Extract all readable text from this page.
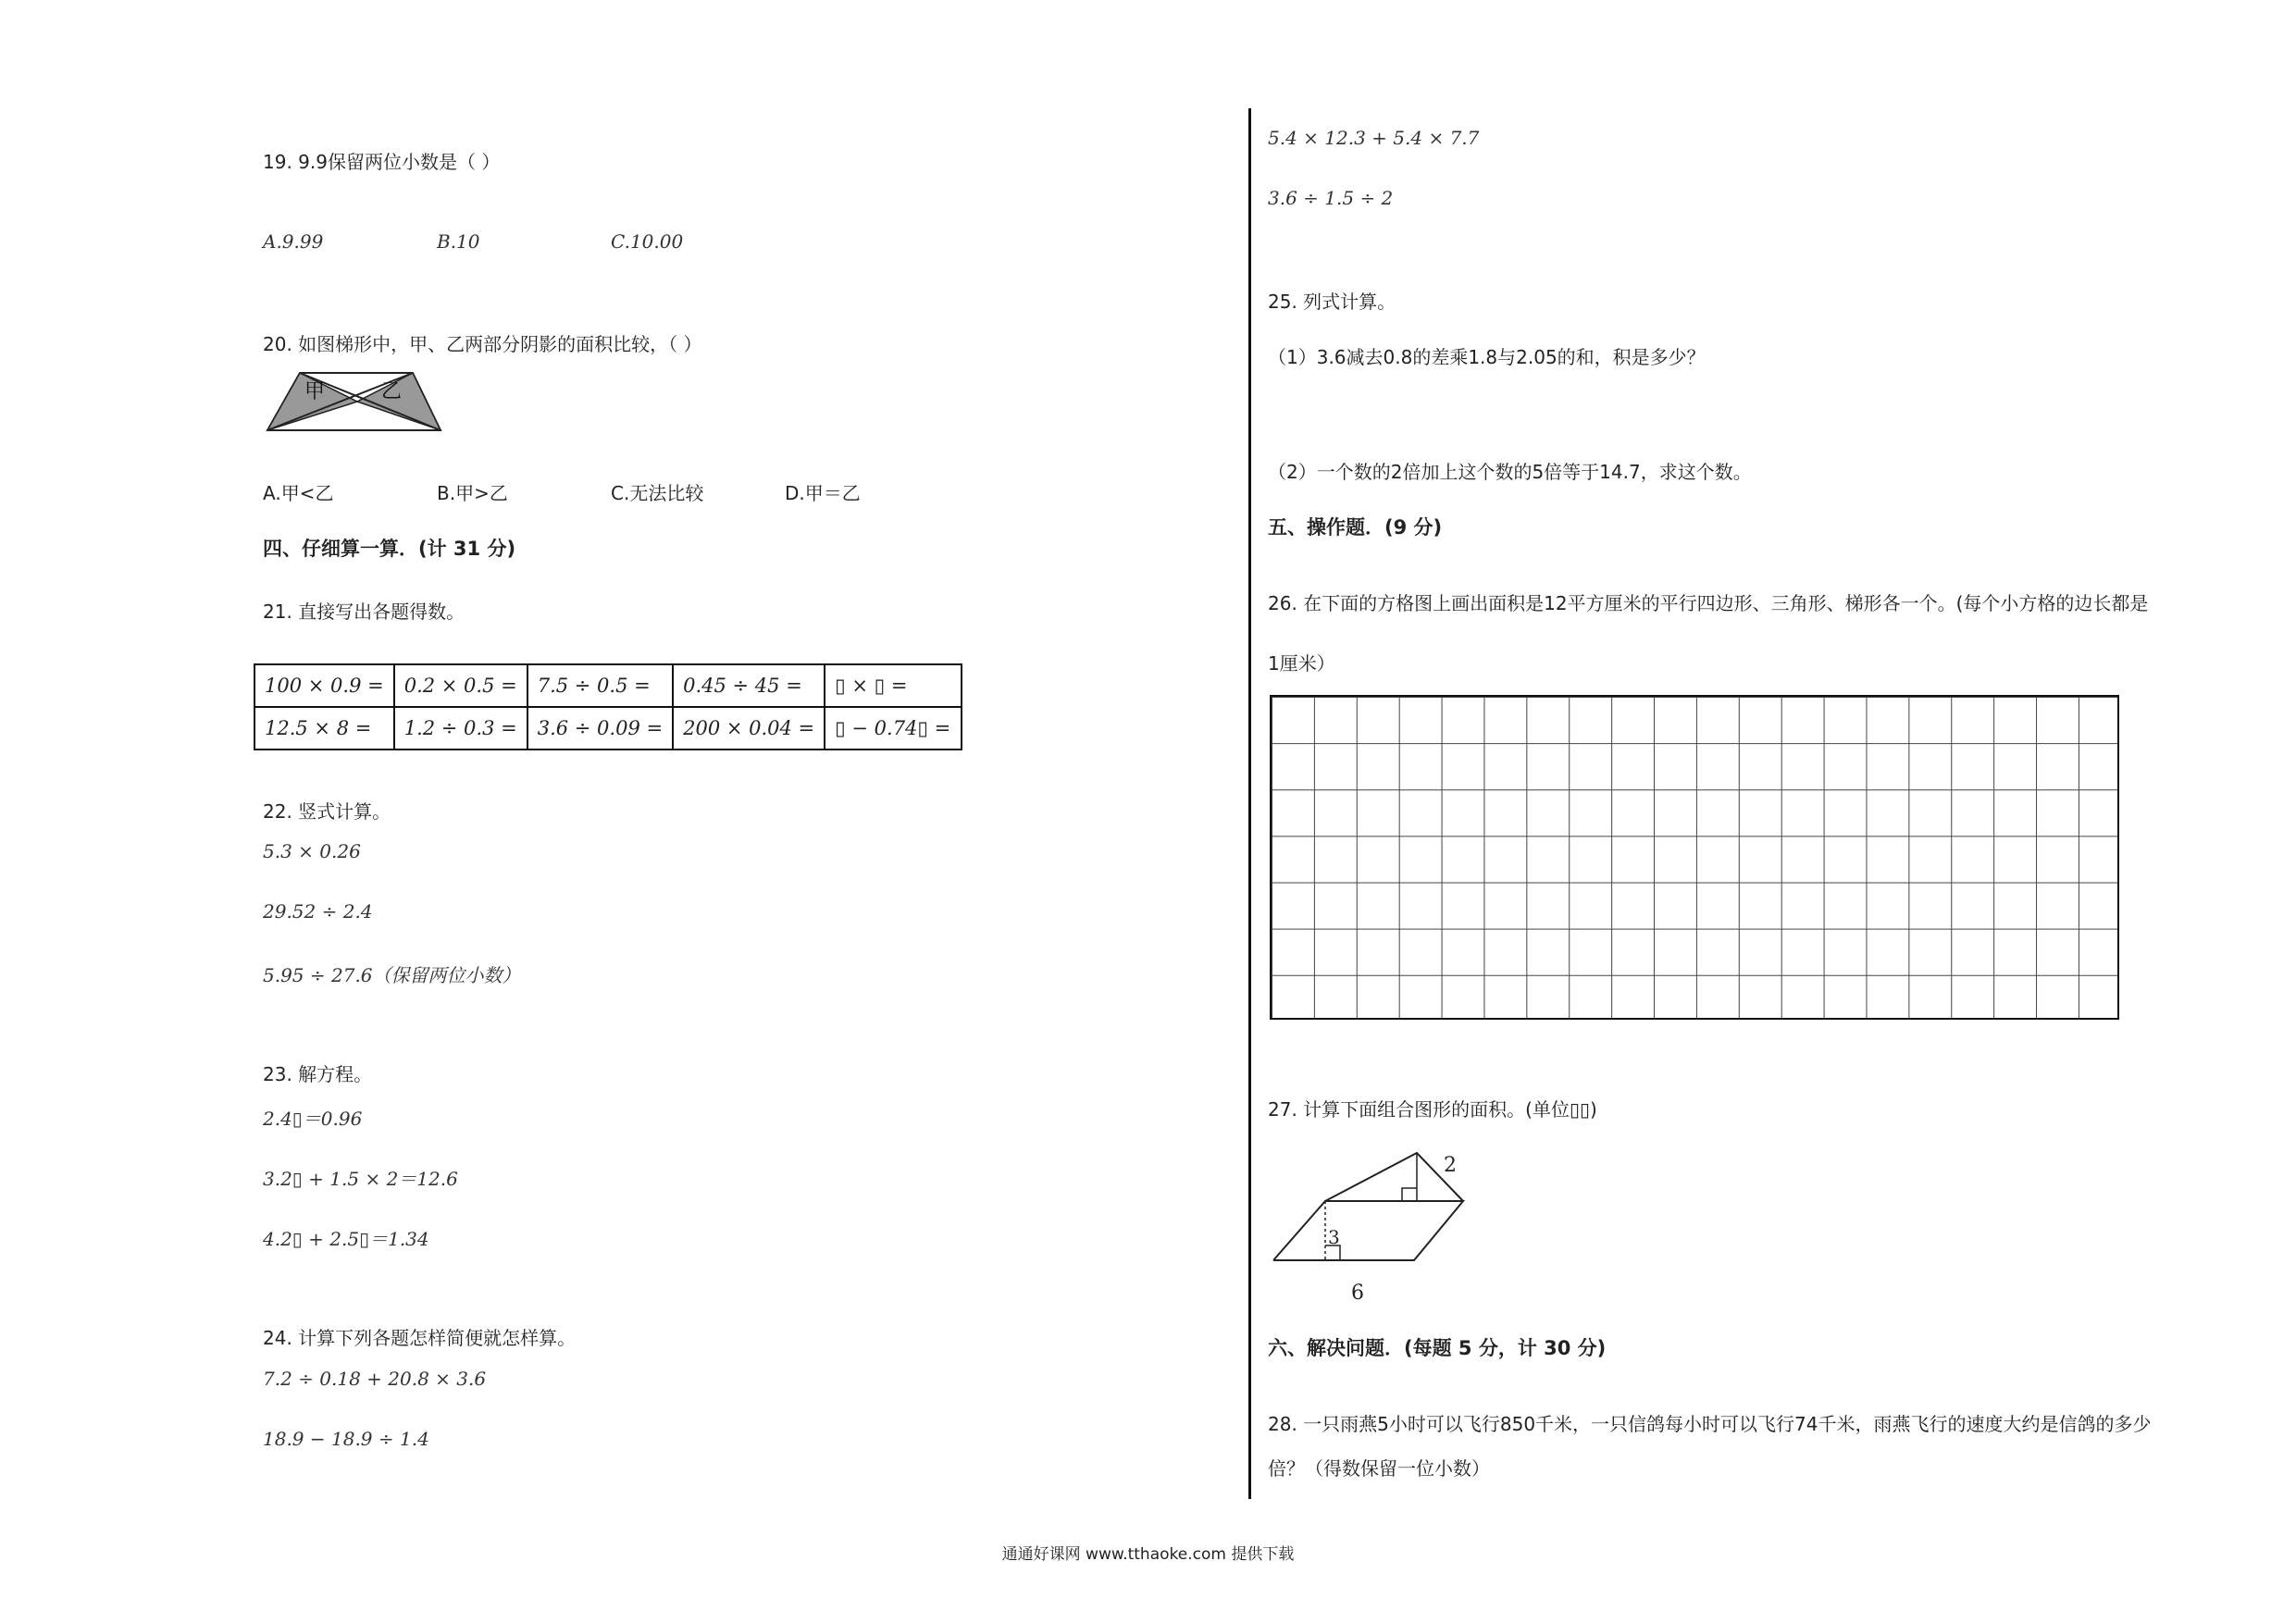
19. 9.9保留两位小数是（ ）
A.9.99	B.10	C.10.00
20. 如图梯形中，甲、乙两部分阴影的面积比较，（ ）
甲	乙
A.甲<乙	B.甲>乙	C.无法比较	D.甲＝乙
四、仔细算一算．(计 31 分)
21. 直接写出各题得数。
100 × 0.9 =	0.2 × 0.5 =	7.5 ÷ 0.5 =	0.45 ÷ 45 =	▯ × ▯ =
12.5 × 8 =	1.2 ÷ 0.3 =	3.6 ÷ 0.09 =	200 × 0.04 =	▯ − 0.74▯ =
22. 竖式计算。
5.3 × 0.26
29.52 ÷ 2.4
5.95 ÷ 27.6（保留两位小数）
23. 解方程。
2.4▯＝0.96
3.2▯ + 1.5 × 2＝12.6
4.2▯ + 2.5▯＝1.34
24. 计算下列各题怎样简便就怎样算。
7.2 ÷ 0.18 + 20.8 × 3.6
18.9 − 18.9 ÷ 1.4
5.4 × 12.3 + 5.4 × 7.7
3.6 ÷ 1.5 ÷ 2
25. 列式计算。
（1）3.6减去0.8的差乘1.8与2.05的和，积是多少？
（2）一个数的2倍加上这个数的5倍等于14.7，求这个数。
五、操作题．(9 分)
26. 在下面的方格图上画出面积是12平方厘米的平行四边形、三角形、梯形各一个。(每个小方格的边长都是
1厘米）
27. 计算下面组合图形的面积。(单位▯▯)
2
3
6
六、解决问题．(每题 5 分，计 30 分)
28. 一只雨燕5小时可以飞行850千米，一只信鸽每小时可以飞行74千米，雨燕飞行的速度大约是信鸽的多少
倍？（得数保留一位小数）
通通好课网 www.tthaoke.com 提供下载
